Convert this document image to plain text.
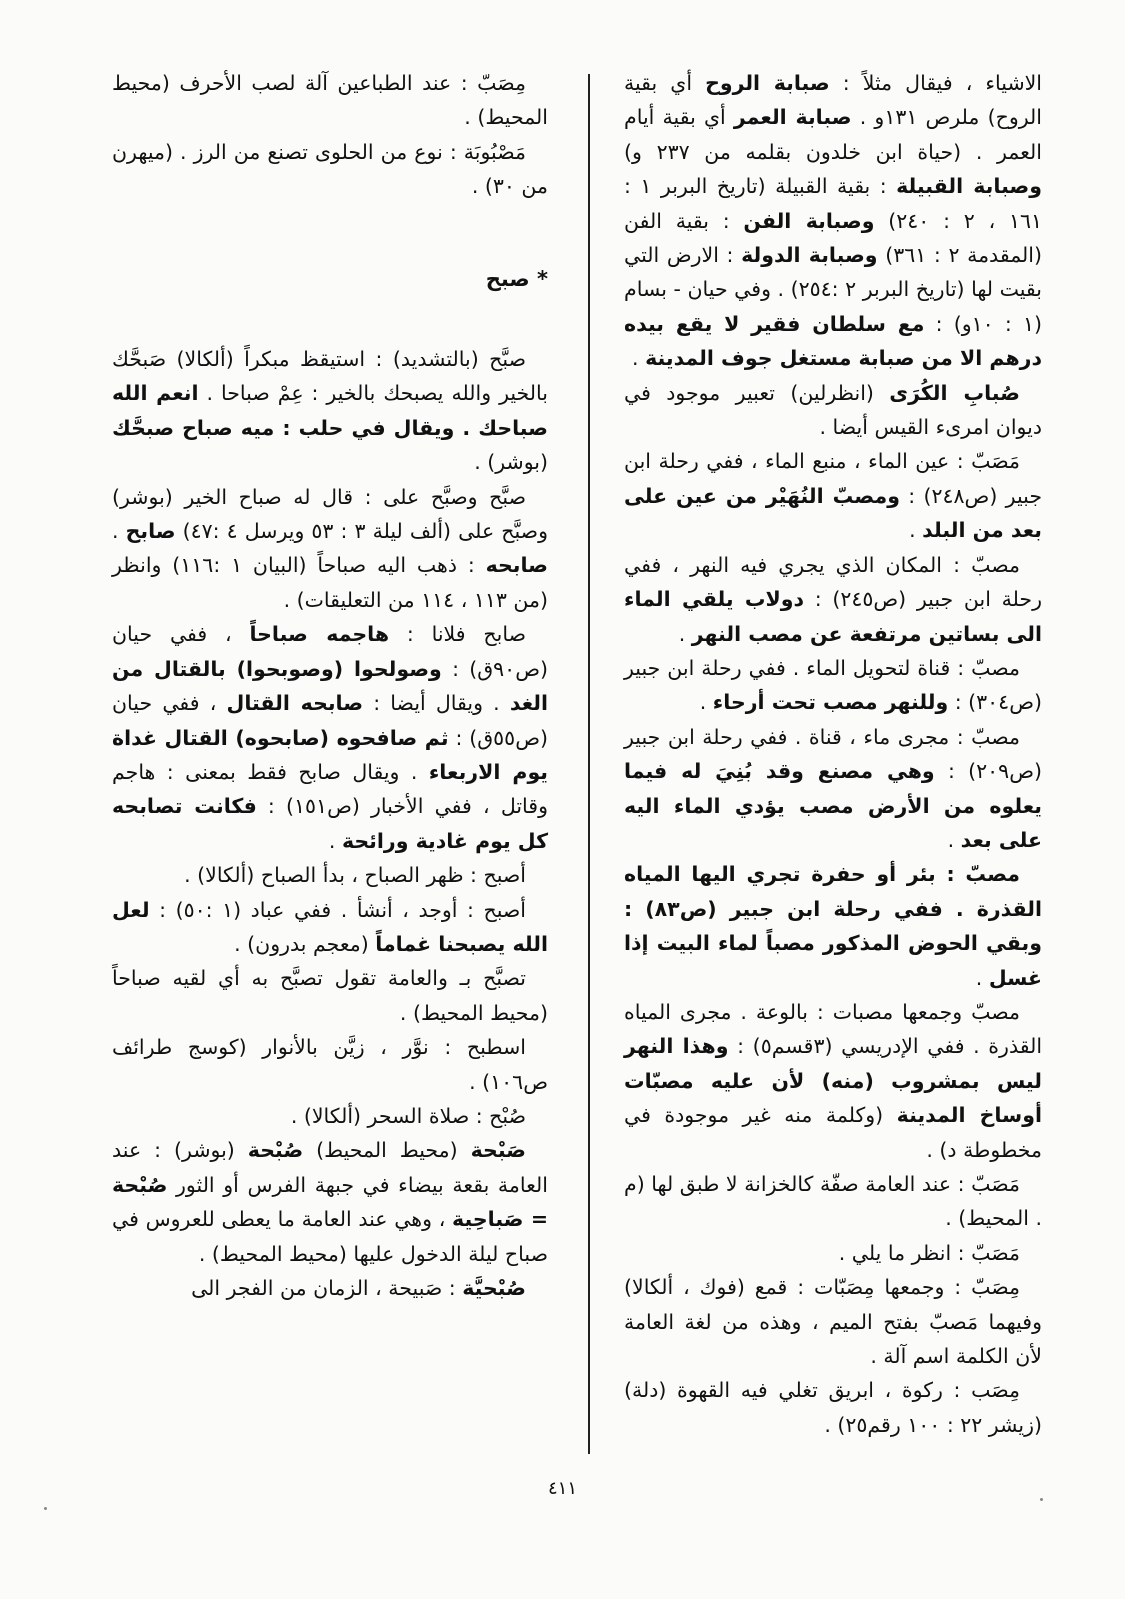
الاشياء ، فيقال مثلاً : صبابة الروح أي بقية الروح) ملرص ١٣١و . صبابة العمر أي بقية أيام العمر . (حياة ابن خلدون بقلمه من ٢٣٧ و) وصبابة القبيلة : بقية القبيلة (تاريخ البربر ١ : ١٦١ ، ٢ : ٢٤٠) وصبابة الفن : بقية الفن (المقدمة ٢ : ٣٦١) وصبابة الدولة : الارض التي بقيت لها (تاريخ البربر ٢ :٢٥٤) . وفي حيان - بسام (١ : ١٠و) : مع سلطان فقير لا يقع بيده درهم الا من صبابة مستغل جوف المدينة .

صُبابِ الكُرَى (انظرلين) تعبير موجود في ديوان امرىء القيس أيضا .

مَصَبّ : عين الماء ، منبع الماء ، ففي رحلة ابن جبير (ص٢٤٨) : ومصبّ النُهَيْر من عين على بعد من البلد .

مصبّ : المكان الذي يجري فيه النهر ، ففي رحلة ابن جبير (ص٢٤٥) : دولاب يلقي الماء الى بساتين مرتفعة عن مصب النهر .

مصبّ : قناة لتحويل الماء . ففي رحلة ابن جبير (ص٣٠٤) : وللنهر مصب تحت أرحاء .

مصبّ : مجرى ماء ، قناة . ففي رحلة ابن جبير (ص٢٠٩) : وهي مصنع وقد بُنِيَ له فيما يعلوه من الأرض مصب يؤدي الماء اليه على بعد .

مصبّ : بئر أو حفرة تجري اليها المياه القذرة . ففي رحلة ابن جبير (ص٨٣) : وبقي الحوض المذكور مصباً لماء البيت إذا غسل .

مصبّ وجمعها مصبات : بالوعة . مجرى المياه القذرة . ففي الإدريسي (٣قسم٥) : وهذا النهر ليس بمشروب (منه) لأن عليه مصبّات أوساخ المدينة (وكلمة منه غير موجودة في مخطوطة د) .

مَصَبّ : عند العامة صفّة كالخزانة لا طبق لها (م . المحيط) .

مَصَبّ : انظر ما يلي .

مِصَبّ : وجمعها مِصَبّات : قمع (فوك ، ألكالا) وفيهما مَصبّ بفتح الميم ، وهذه من لغة العامة لأن الكلمة اسم آلة .

مِصَب : ركوة ، ابريق تغلي فيه القهوة (دلة) (زيشر ٢٢ : ١٠٠ رقم٢٥) .

مِصَبّ : عند الطباعين آلة لصب الأحرف (محيط المحيط) .

مَصْبُوبَة : نوع من الحلوى تصنع من الرز . (ميهرن من ٣٠) .

* صبح

صبَّح (بالتشديد) : استيقظ مبكراً (ألكالا) صَبحَّك بالخير والله يصبحك بالخير : عِمْ صباحا . انعم الله صباحك . ويقال في حلب : ميه صباح صبحَّك (بوشر) .

صبَّح وصبَّح على : قال له صباح الخير (بوشر) وصبَّح على (ألف ليلة ٣ : ٥٣ ويرسل ٤ :٤٧) صابح . صابحه : ذهب اليه صباحاً (البيان ١ :١١٦) وانظر (من ١١٣ ، ١١٤ من التعليقات) .

صابح فلانا : هاجمه صباحاً ، ففي حيان (ص٩٠ق) : وصولحوا (وصوبحوا) بالقتال من الغد . ويقال أيضا : صابحه القتال ، ففي حيان (ص٥٥ق) : ثم صافحوه (صابحوه) القتال غداة يوم الاربعاء . ويقال صابح فقط بمعنى : هاجم وقاتل ، ففي الأخبار (ص١٥١) : فكانت تصابحه كل يوم غادية ورائحة .

أصبح : ظهر الصباح ، بدأ الصباح (ألكالا) .

أصبح : أوجد ، أنشأ . ففي عباد (١ :٥٠) : لعل الله يصبحنا غماماً (معجم بدرون) .

تصبَّح بـ والعامة تقول تصبَّح به أي لقيه صباحاً (محيط المحيط) .

اسطبح : نوَّر ، زيَّن بالأنوار (كوسج طرائف ص١٠٦) .

صُبْح : صلاة السحر (ألكالا) .

صَبْحة (محيط المحيط) صُبْحة (بوشر) : عند العامة بقعة بيضاء في جبهة الفرس أو الثور صُبْحة = صَباحِية ، وهي عند العامة ما يعطى للعروس في صباح ليلة الدخول عليها (محيط المحيط) .

صُبْحيَّة : صَبيحة ، الزمان من الفجر الى

٤١١
